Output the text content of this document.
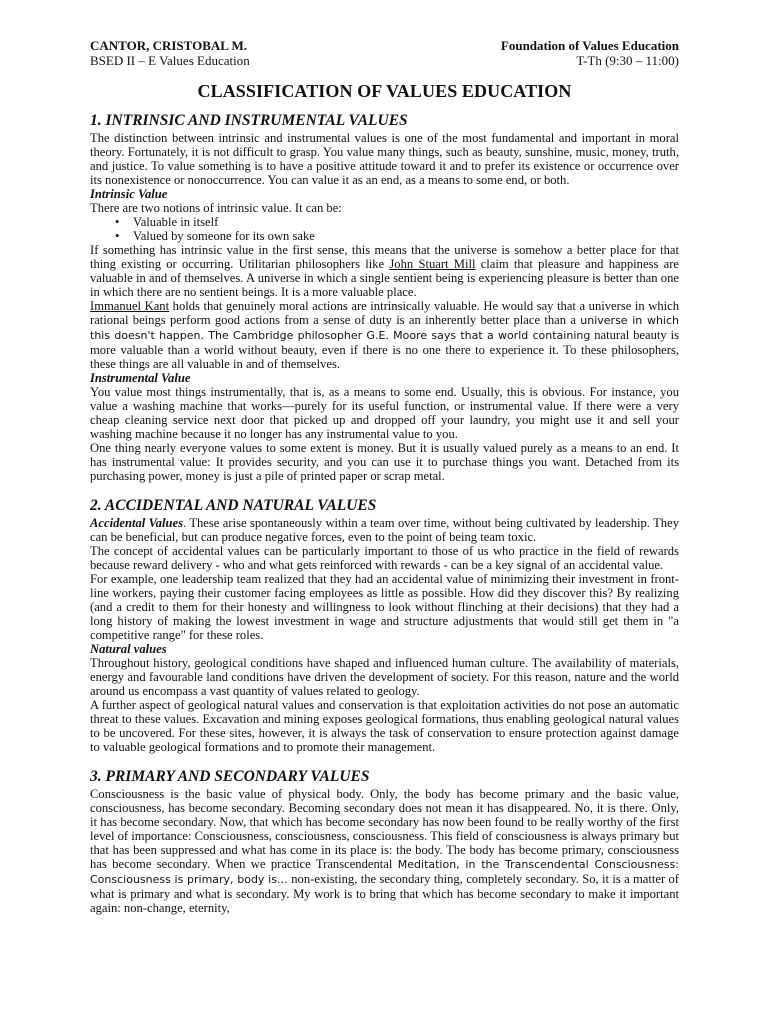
CANTOR, CRISTOBAL M.	Foundation of Values Education
BSED II – E Values Education	T-Th (9:30 – 11:00)
CLASSIFICATION OF VALUES EDUCATION
1. INTRINSIC AND INSTRUMENTAL VALUES

The distinction between intrinsic and instrumental values is one of the most fundamental and important in moral theory. Fortunately, it is not difficult to grasp. You value many things, such as beauty, sunshine, music, money, truth, and justice. To value something is to have a positive attitude toward it and to prefer its existence or occurrence over its nonexistence or nonoccurrence. You can value it as an end, as a means to some end, or both.

Intrinsic Value

There are two notions of intrinsic value. It can be:

• Valuable in itself
• Valued by someone for its own sake

If something has intrinsic value in the first sense, this means that the universe is somehow a better place for that thing existing or occurring. Utilitarian philosophers like John Stuart Mill claim that pleasure and happiness are valuable in and of themselves. A universe in which a single sentient being is experiencing pleasure is better than one in which there are no sentient beings. It is a more valuable place.

Immanuel Kant holds that genuinely moral actions are intrinsically valuable. He would say that a universe in which rational beings perform good actions from a sense of duty is an inherently better place than a universe in which this doesn't happen. The Cambridge philosopher G.E. Moore says that a world containing natural beauty is more valuable than a world without beauty, even if there is no one there to experience it. To these philosophers, these things are all valuable in and of themselves.

Instrumental Value

You value most things instrumentally, that is, as a means to some end. Usually, this is obvious. For instance, you value a washing machine that works—purely for its useful function, or instrumental value. If there were a very cheap cleaning service next door that picked up and dropped off your laundry, you might use it and sell your washing machine because it no longer has any instrumental value to you.

One thing nearly everyone values to some extent is money. But it is usually valued purely as a means to an end. It has instrumental value: It provides security, and you can use it to purchase things you want. Detached from its purchasing power, money is just a pile of printed paper or scrap metal.

2. ACCIDENTAL AND NATURAL VALUES

Accidental Values. These arise spontaneously within a team over time, without being cultivated by leadership. They can be beneficial, but can produce negative forces, even to the point of being team toxic.

The concept of accidental values can be particularly important to those of us who practice in the field of rewards because reward delivery - who and what gets reinforced with rewards - can be a key signal of an accidental value.

For example, one leadership team realized that they had an accidental value of minimizing their investment in front-line workers, paying their customer facing employees as little as possible. How did they discover this? By realizing (and a credit to them for their honesty and willingness to look without flinching at their decisions) that they had a long history of making the lowest investment in wage and structure adjustments that would still get them in "a competitive range" for these roles.

Natural values

Throughout history, geological conditions have shaped and influenced human culture. The availability of materials, energy and favourable land conditions have driven the development of society. For this reason, nature and the world around us encompass a vast quantity of values related to geology.

A further aspect of geological natural values and conservation is that exploitation activities do not pose an automatic threat to these values. Excavation and mining exposes geological formations, thus enabling geological natural values to be uncovered. For these sites, however, it is always the task of conservation to ensure protection against damage to valuable geological formations and to promote their management.

3. PRIMARY AND SECONDARY VALUES

Consciousness is the basic value of physical body. Only, the body has become primary and the basic value, consciousness, has become secondary. Becoming secondary does not mean it has disappeared. No, it is there. Only, it has become secondary. Now, that which has become secondary has now been found to be really worthy of the first level of importance: Consciousness, consciousness, consciousness. This field of consciousness is always primary but that has been suppressed and what has come in its place is: the body. The body has become primary, consciousness has become secondary. When we practice Transcendental Meditation, in the Transcendental Consciousness: Consciousness is primary, body is… non-existing, the secondary thing, completely secondary. So, it is a matter of what is primary and what is secondary. My work is to bring that which has become secondary to make it important again: non-change, eternity,
